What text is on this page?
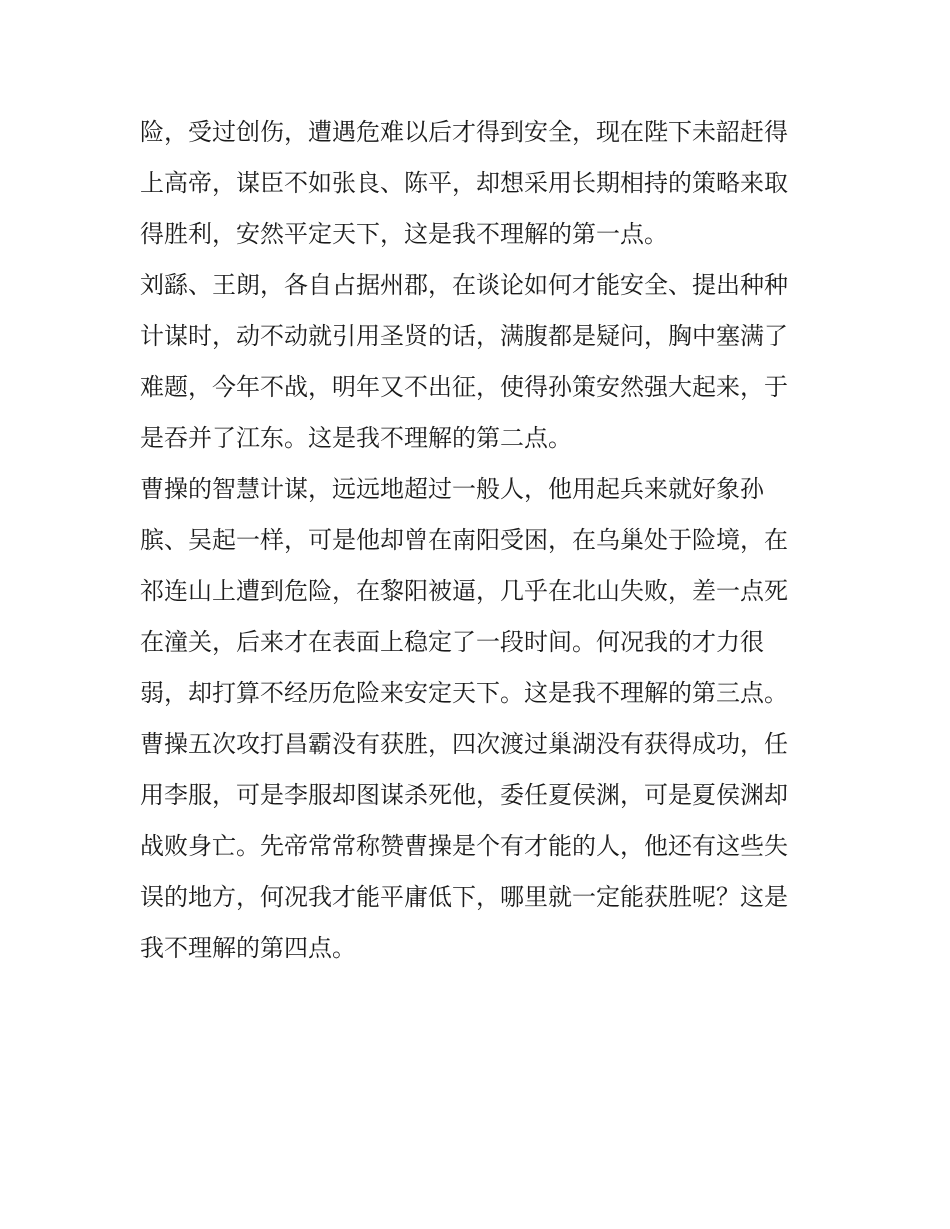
险，受过创伤，遭遇危难以后才得到安全，现在陛下未韶赶得
上高帝，谋臣不如张良、陈平，却想采用长期相持的策略来取
得胜利，安然平定天下，这是我不理解的第一点。
刘繇、王朗，各自占据州郡，在谈论如何才能安全、提出种种
计谋时，动不动就引用圣贤的话，满腹都是疑问，胸中塞满了
难题，今年不战，明年又不出征，使得孙策安然强大起来，于
是吞并了江东。这是我不理解的第二点。
曹操的智慧计谋，远远地超过一般人，他用起兵来就好象孙
膑、吴起一样，可是他却曾在南阳受困，在乌巢处于险境，在
祁连山上遭到危险，在黎阳被逼，几乎在北山失败，差一点死
在潼关，后来才在表面上稳定了一段时间。何况我的才力很
弱，却打算不经历危险来安定天下。这是我不理解的第三点。
曹操五次攻打昌霸没有获胜，四次渡过巢湖没有获得成功，任
用李服，可是李服却图谋杀死他，委任夏侯渊，可是夏侯渊却
战败身亡。先帝常常称赞曹操是个有才能的人，他还有这些失
误的地方，何况我才能平庸低下，哪里就一定能获胜呢？这是
我不理解的第四点。
